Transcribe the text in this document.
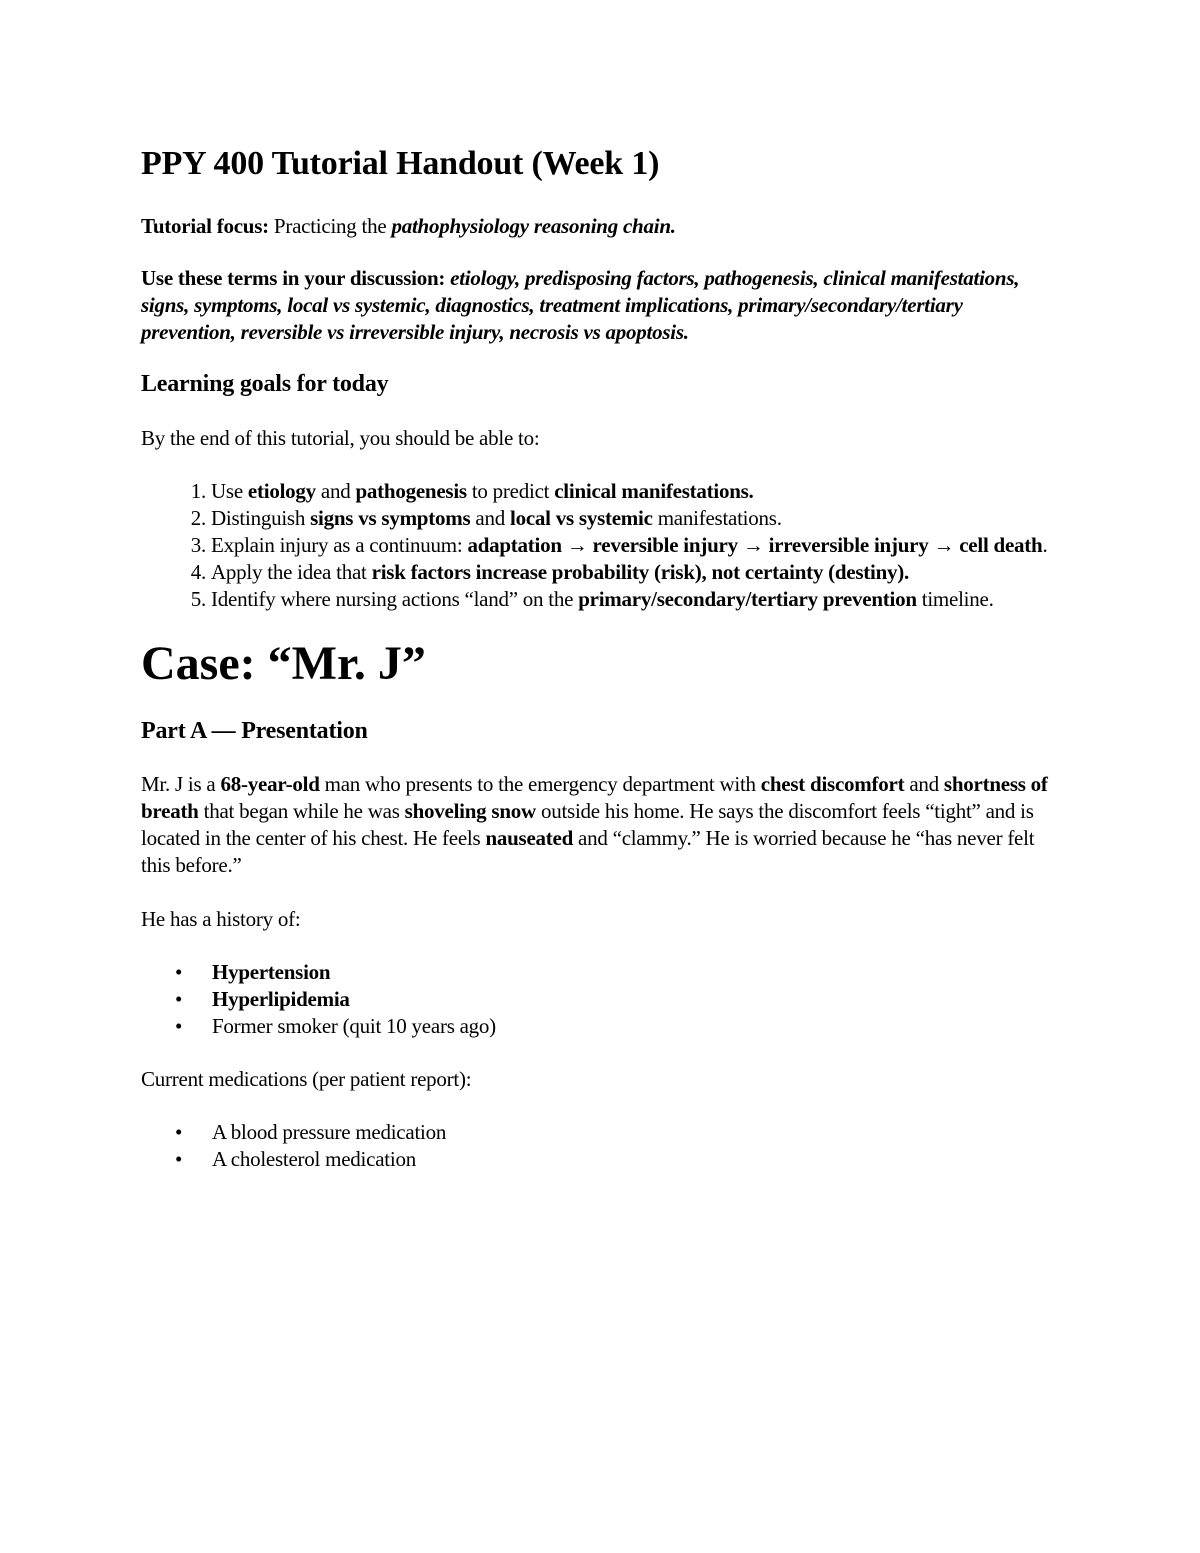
PPY 400 Tutorial Handout (Week 1)

Tutorial focus: Practicing the pathophysiology reasoning chain.

Use these terms in your discussion: etiology, predisposing factors, pathogenesis, clinical manifestations, signs, symptoms, local vs systemic, diagnostics, treatment implications, primary/secondary/tertiary prevention, reversible vs irreversible injury, necrosis vs apoptosis.

Learning goals for today

By the end of this tutorial, you should be able to:

1. Use etiology and pathogenesis to predict clinical manifestations.
2. Distinguish signs vs symptoms and local vs systemic manifestations.
3. Explain injury as a continuum: adaptation → reversible injury → irreversible injury → cell death.
4. Apply the idea that risk factors increase probability (risk), not certainty (destiny).
5. Identify where nursing actions “land” on the primary/secondary/tertiary prevention timeline.
Case: “Mr. J”
Part A — Presentation

Mr. J is a 68-year-old man who presents to the emergency department with chest discomfort and shortness of breath that began while he was shoveling snow outside his home. He says the discomfort feels “tight” and is located in the center of his chest. He feels nauseated and “clammy.” He is worried because he “has never felt this before.”

He has a history of:

• Hypertension
• Hyperlipidemia
• Former smoker (quit 10 years ago)

Current medications (per patient report):

• A blood pressure medication
• A cholesterol medication
